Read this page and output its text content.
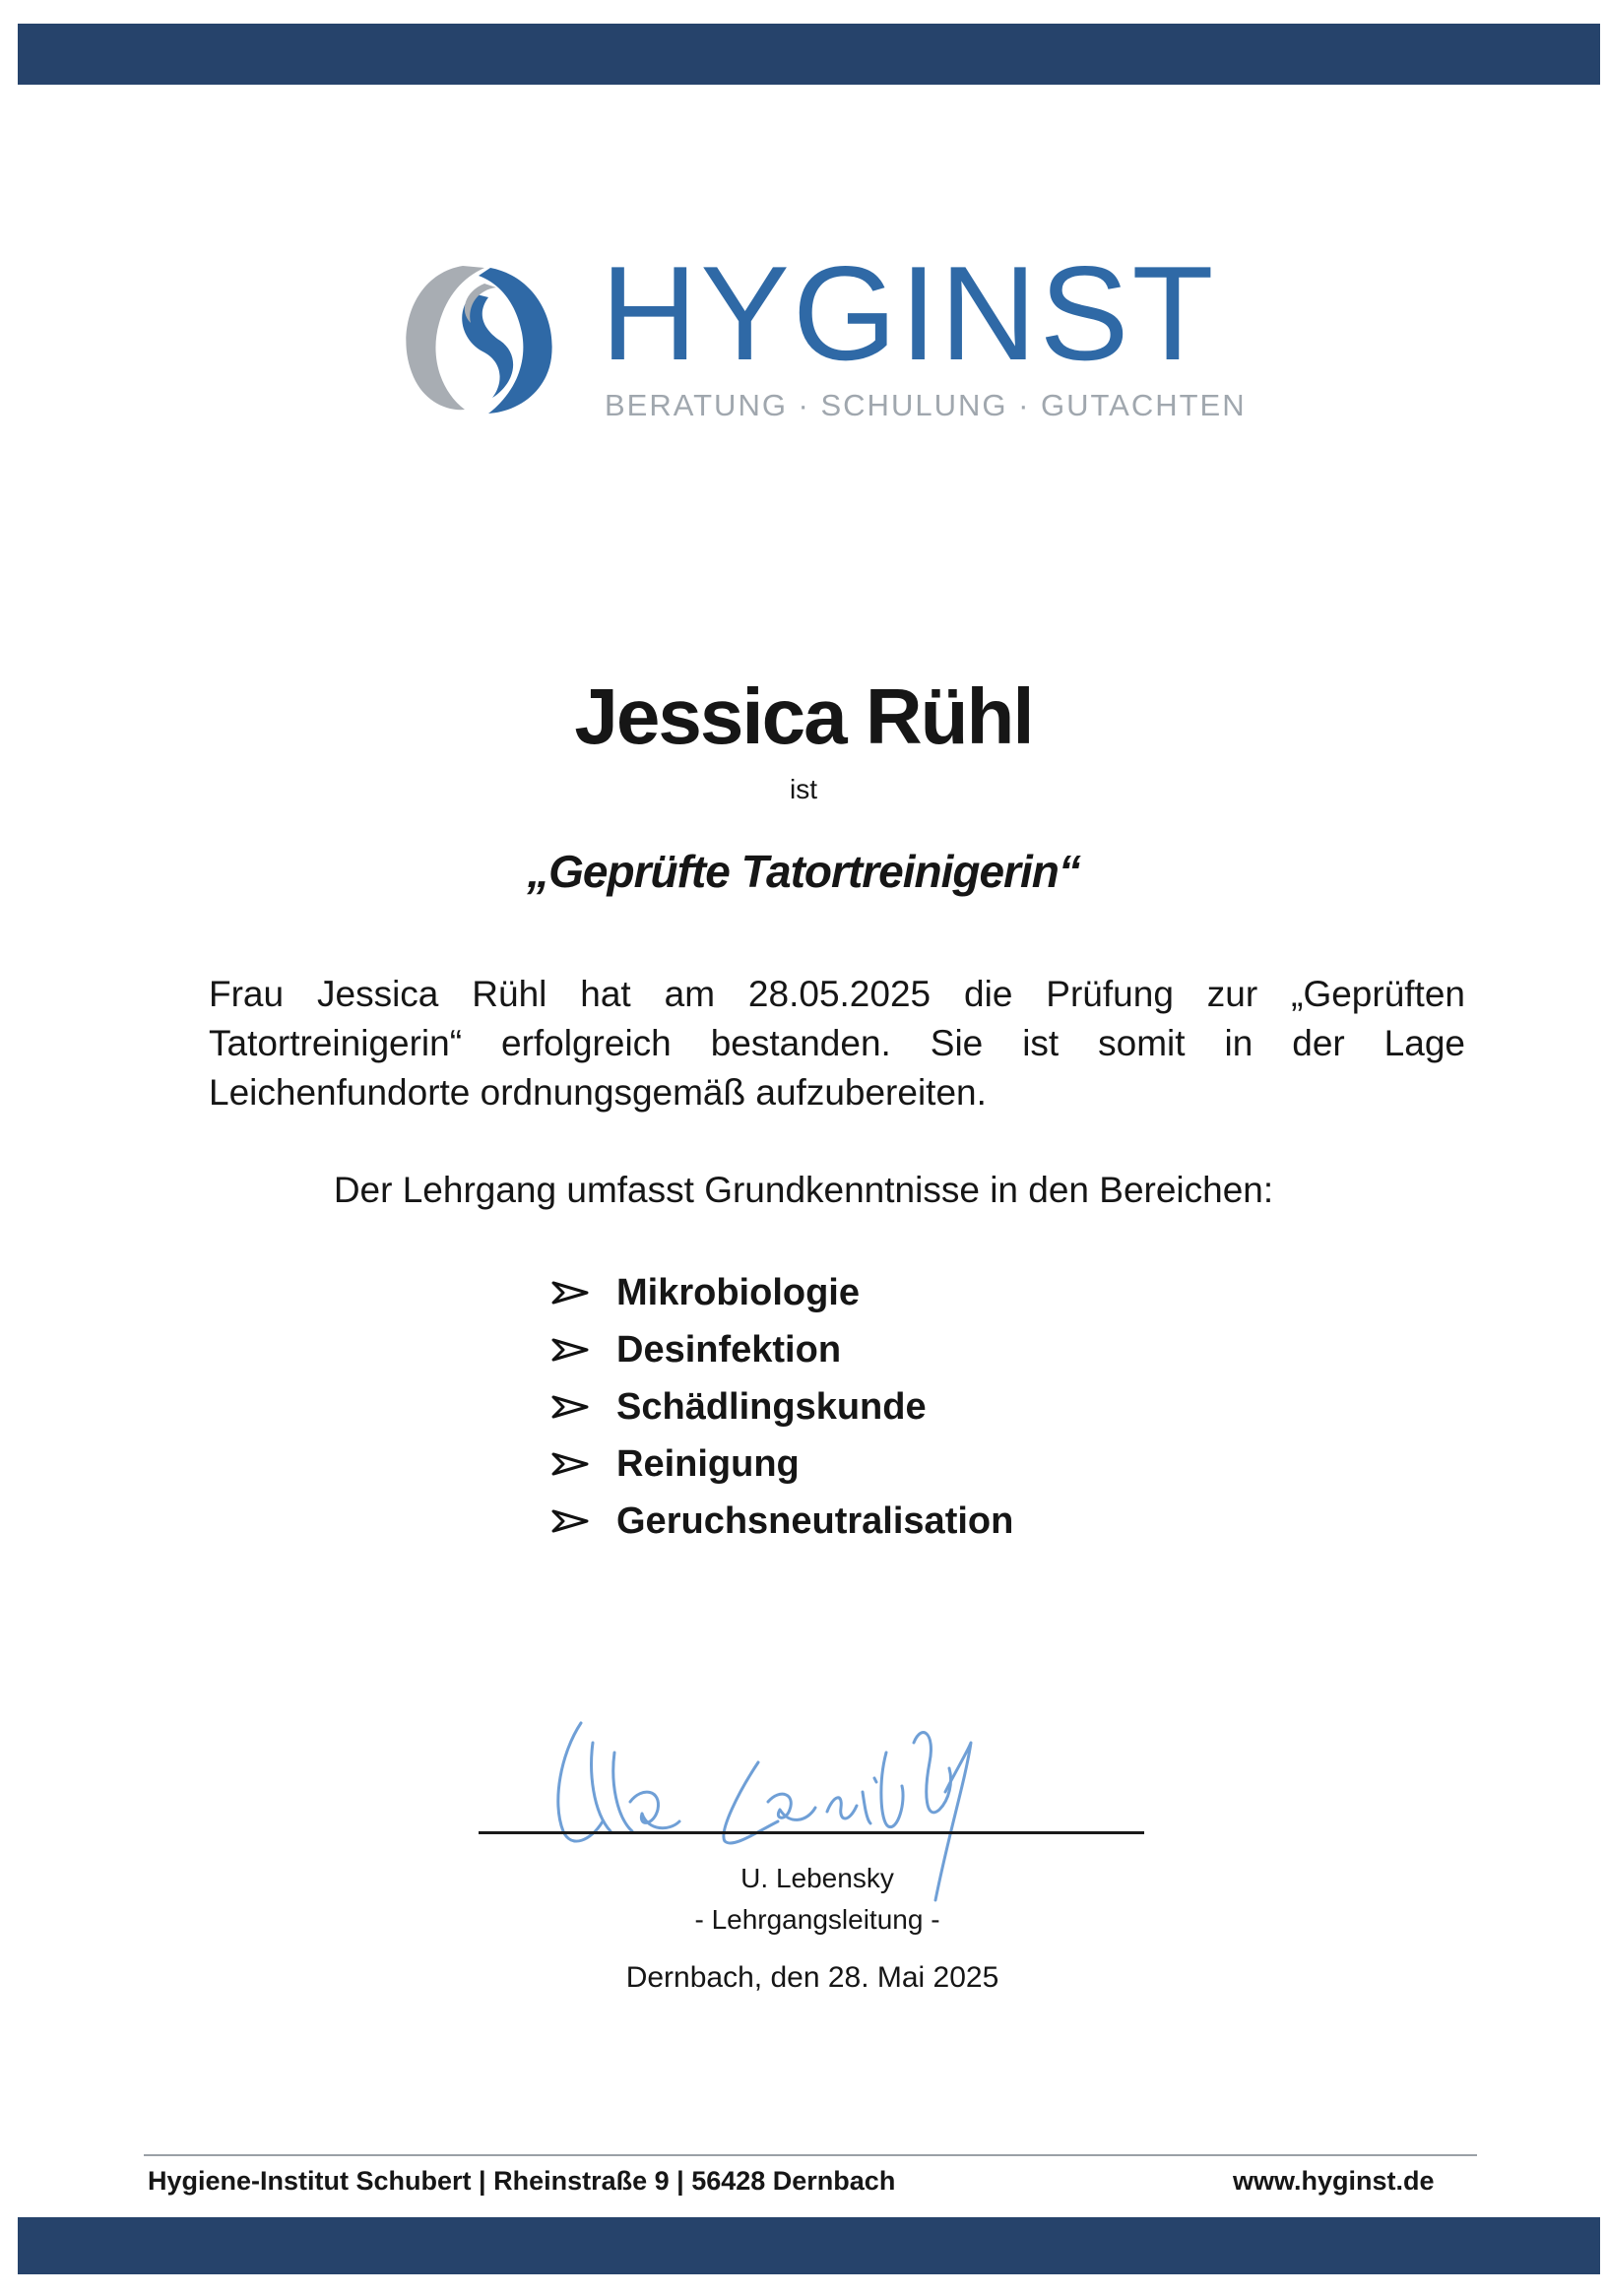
HYGINST
BERATUNG · SCHULUNG · GUTACHTEN
Jessica Rühl
ist
„Geprüfte Tatortreinigerin“
Frau Jessica Rühl hat am 28.05.2025 die Prüfung zur „Geprüften Tatortreinigerin“ erfolgreich bestanden. Sie ist somit in der Lage Leichenfundorte ordnungsgemäß aufzubereiten.
Der Lehrgang umfasst Grundkenntnisse in den Bereichen:
Mikrobiologie
Desinfektion
Schädlingskunde
Reinigung
Geruchsneutralisation
U. Lebensky
- Lehrgangsleitung -
Dernbach, den 28. Mai 2025
Hygiene-Institut Schubert | Rheinstraße 9 | 56428 Dernbach	www.hyginst.de
